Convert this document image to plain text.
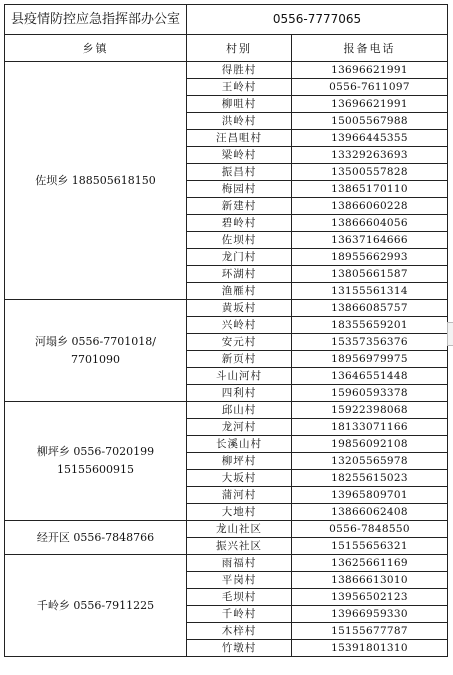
县疫情防控应急指挥部办公室	0556-7777065	
乡镇	村别	报备电话
佐坝乡 188505618150	得胜村	13696621991
	王岭村	0556-7611097
	柳咀村	13696621991
	洪岭村	15005567988
	汪昌咀村	13966445355
	梁岭村	13329263693
	振昌村	13500557828
	梅园村	13865170110
	新建村	13866060228
	碧岭村	13866604056
	佐坝村	13637164666
	龙门村	18955662993
	环湖村	13805661587
	渔雁村	13155561314
河塌乡 0556-7701018/ 7701090	黄坂村	13866085757
	兴岭村	18355659201
	安元村	15357356376
	新页村	18956979975
	斗山河村	13646551448
	四利村	15960593378
柳坪乡 0556-7020199 15155600915	邱山村	15922398068
	龙河村	18133071166
	长溪山村	19856092108
	柳坪村	13205565978
	大坂村	18255615023
	蒲河村	13965809701
	大地村	13866062408
经开区 0556-7848766	龙山社区	0556-7848550
	振兴社区	15155656321
千岭乡 0556-7911225	雨福村	13625661169
	平岗村	13866613010
	毛坝村	13956502123
	千岭村	13966959330
	木梓村	15155677787
	竹墩村	15391801310
